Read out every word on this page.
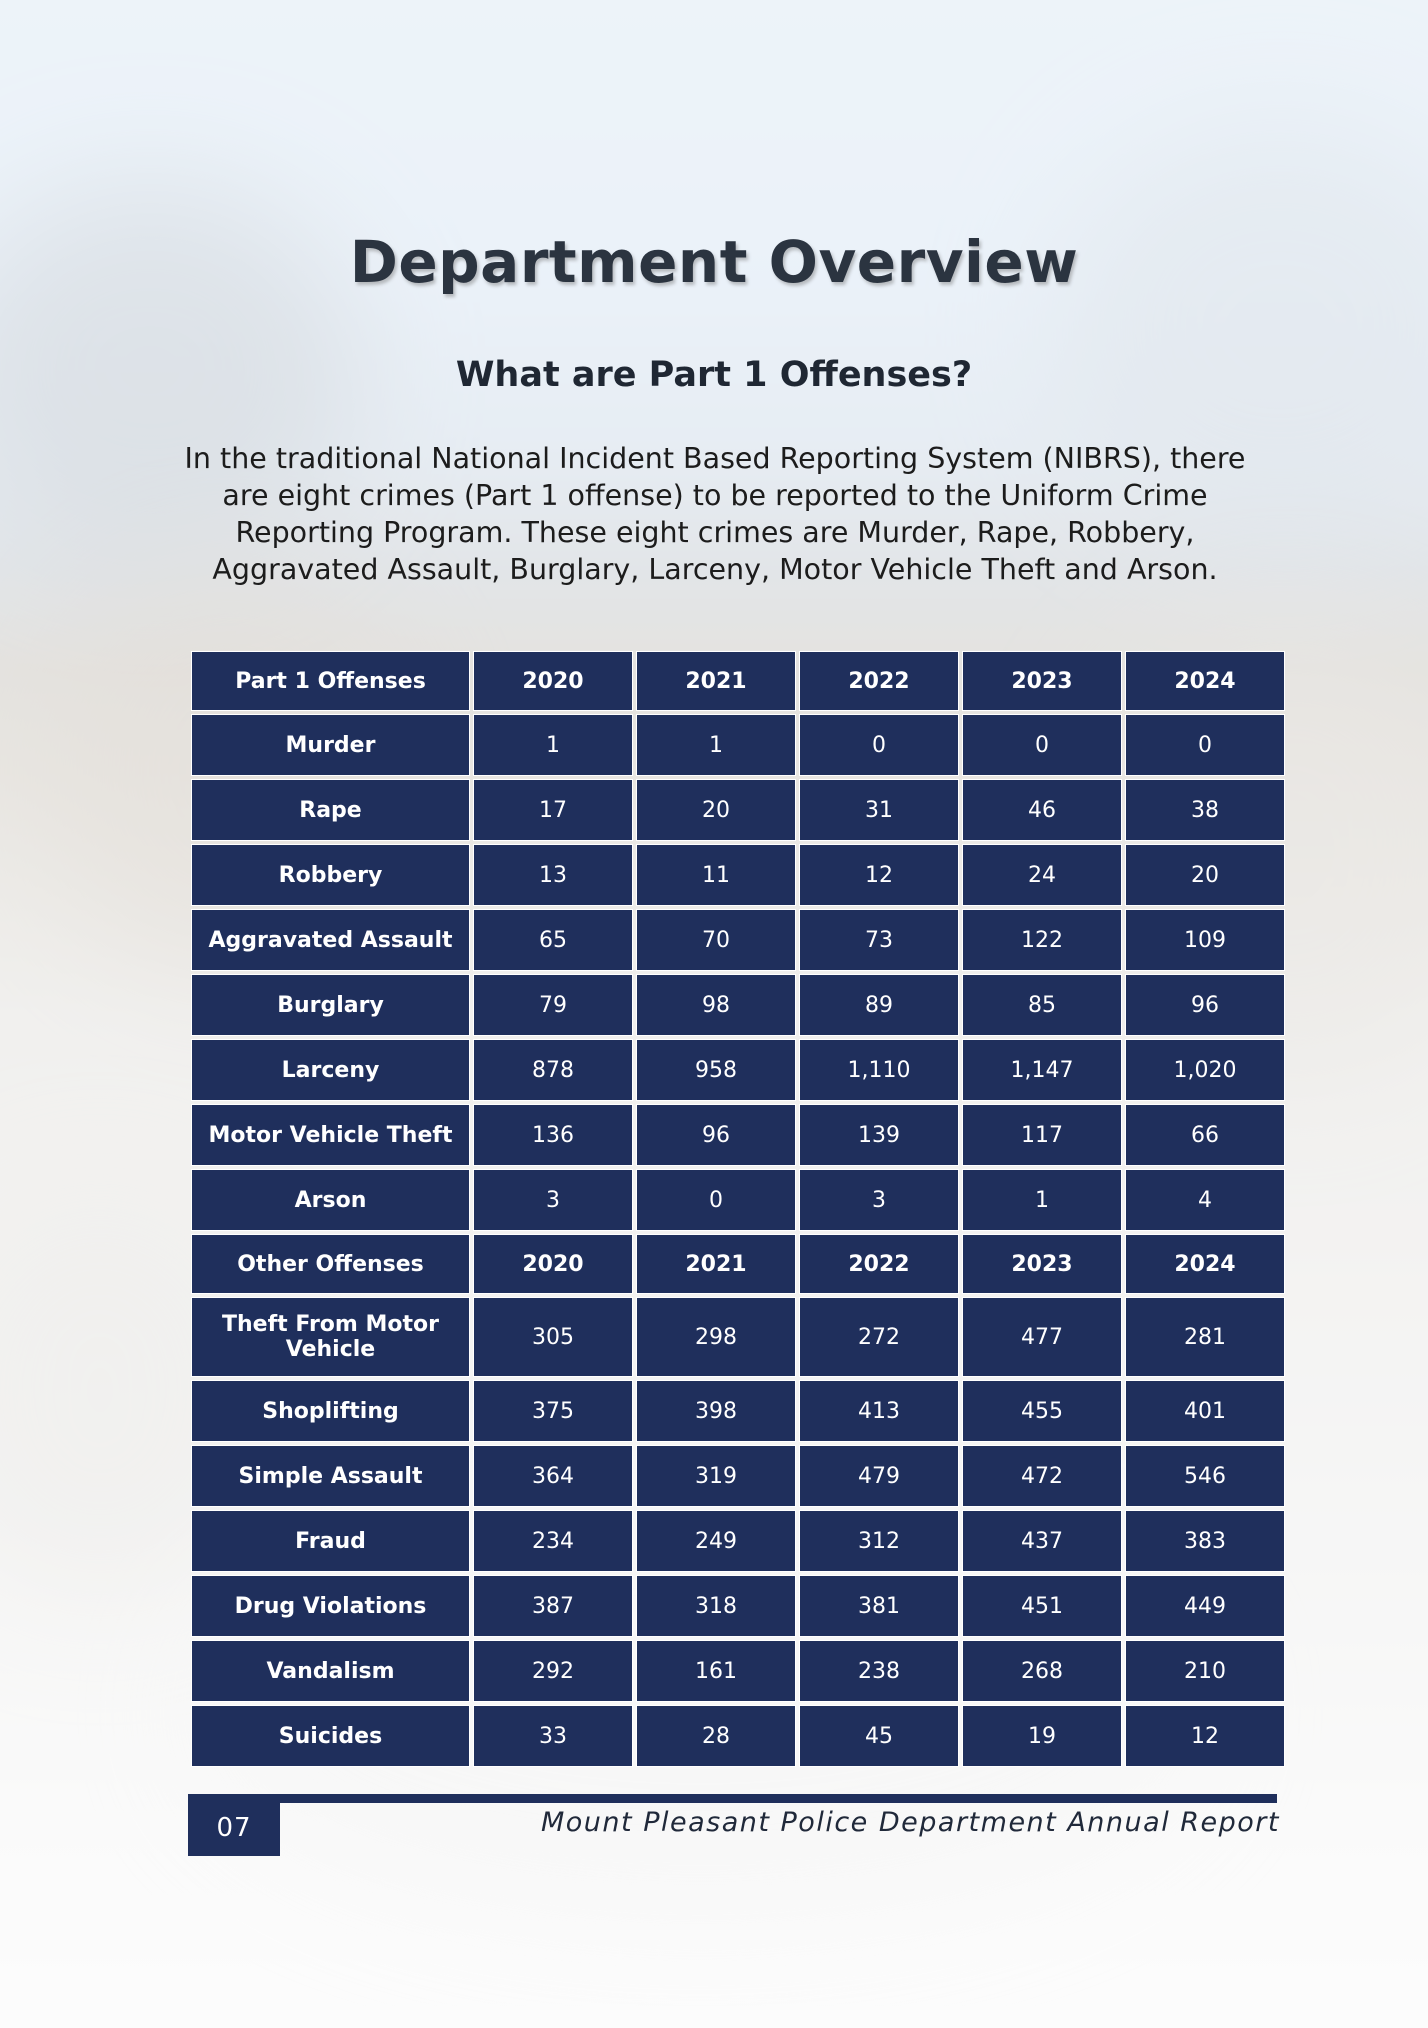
Department Overview
What are Part 1 Offenses?
In the traditional National Incident Based Reporting System (NIBRS), there are eight crimes (Part 1 offense) to be reported to the Uniform Crime Reporting Program. These eight crimes are Murder, Rape, Robbery, Aggravated Assault, Burglary, Larceny, Motor Vehicle Theft and Arson.
Part 1 Offenses	2020	2021	2022	2023	2024
Murder	1	1	0	0	0
Rape	17	20	31	46	38
Robbery	13	11	12	24	20
Aggravated Assault	65	70	73	122	109
Burglary	79	98	89	85	96
Larceny	878	958	1,110	1,147	1,020
Motor Vehicle Theft	136	96	139	117	66
Arson	3	0	3	1	4
Other Offenses	2020	2021	2022	2023	2024
Theft From Motor Vehicle	305	298	272	477	281
Shoplifting	375	398	413	455	401
Simple Assault	364	319	479	472	546
Fraud	234	249	312	437	383
Drug Violations	387	318	381	451	449
Vandalism	292	161	238	268	210
Suicides	33	28	45	19	12
07	Mount Pleasant Police Department Annual Report
